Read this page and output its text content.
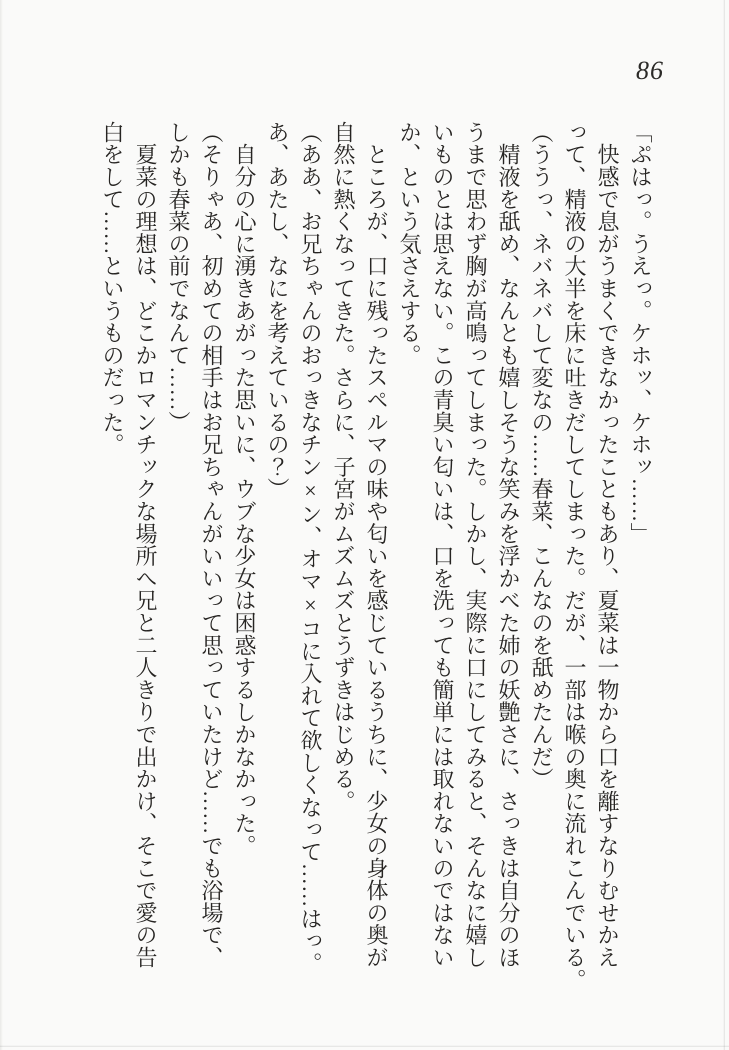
86
「ぷはっ。うえっ。ケホッ、ケホッ……」
　快感で息がうまくできなかったこともあり、夏菜は一物から口を離すなりむせかえ
って、精液の大半を床に吐きだしてしまった。だが、一部は喉の奥に流れこんでいる。
（ううっ、ネバネバして変なの……春菜、こんなのを舐めたんだ）
　精液を舐め、なんとも嬉しそうな笑みを浮かべた姉の妖艶さに、さっきは自分のほ
うまで思わず胸が高鳴ってしまった。しかし、実際に口にしてみると、そんなに嬉し
いものとは思えない。この青臭い匂いは、口を洗っても簡単には取れないのではない
か、という気さえする。
　ところが、口に残ったスペルマの味や匂いを感じているうちに、少女の身体の奥が
自然に熱くなってきた。さらに、子宮がムズムズとうずきはじめる。
（ああ、お兄ちゃんのおっきなチン×ン、オマ×コに入れて欲しくなって……はっ。
あ、あたし、なにを考えているの？）
　自分の心に湧きあがった思いに、ウブな少女は困惑するしかなかった。
（そりゃあ、初めての相手はお兄ちゃんがいいって思っていたけど……でも浴場で、
しかも春菜の前でなんて……）
　夏菜の理想は、どこかロマンチックな場所へ兄と二人きりで出かけ、そこで愛の告
白をして……というものだった。
